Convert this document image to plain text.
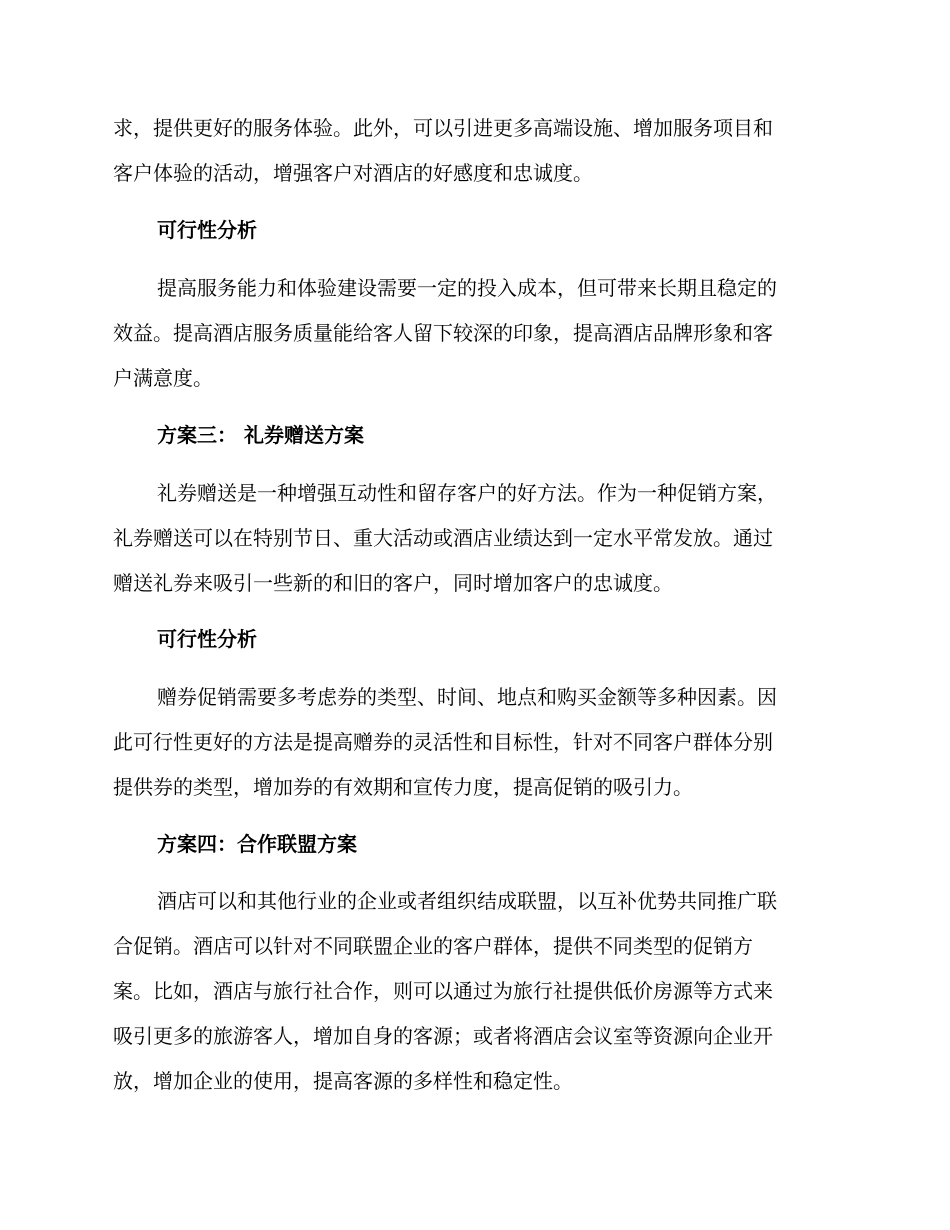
求，提供更好的服务体验。此外，可以引进更多高端设施、增加服务项目和
客户体验的活动，增强客户对酒店的好感度和忠诚度。
可行性分析
提高服务能力和体验建设需要一定的投入成本，但可带来长期且稳定的
效益。提高酒店服务质量能给客人留下较深的印象，提高酒店品牌形象和客
户满意度。
方案三： 礼券赠送方案
礼券赠送是一种增强互动性和留存客户的好方法。作为一种促销方案，
礼券赠送可以在特别节日、重大活动或酒店业绩达到一定水平常发放。通过
赠送礼券来吸引一些新的和旧的客户，同时增加客户的忠诚度。
可行性分析
赠券促销需要多考虑券的类型、时间、地点和购买金额等多种因素。因
此可行性更好的方法是提高赠券的灵活性和目标性，针对不同客户群体分别
提供券的类型，增加券的有效期和宣传力度，提高促销的吸引力。
方案四：合作联盟方案
酒店可以和其他行业的企业或者组织结成联盟，以互补优势共同推广联
合促销。酒店可以针对不同联盟企业的客户群体，提供不同类型的促销方
案。比如，酒店与旅行社合作，则可以通过为旅行社提供低价房源等方式来
吸引更多的旅游客人，增加自身的客源；或者将酒店会议室等资源向企业开
放，增加企业的使用，提高客源的多样性和稳定性。
